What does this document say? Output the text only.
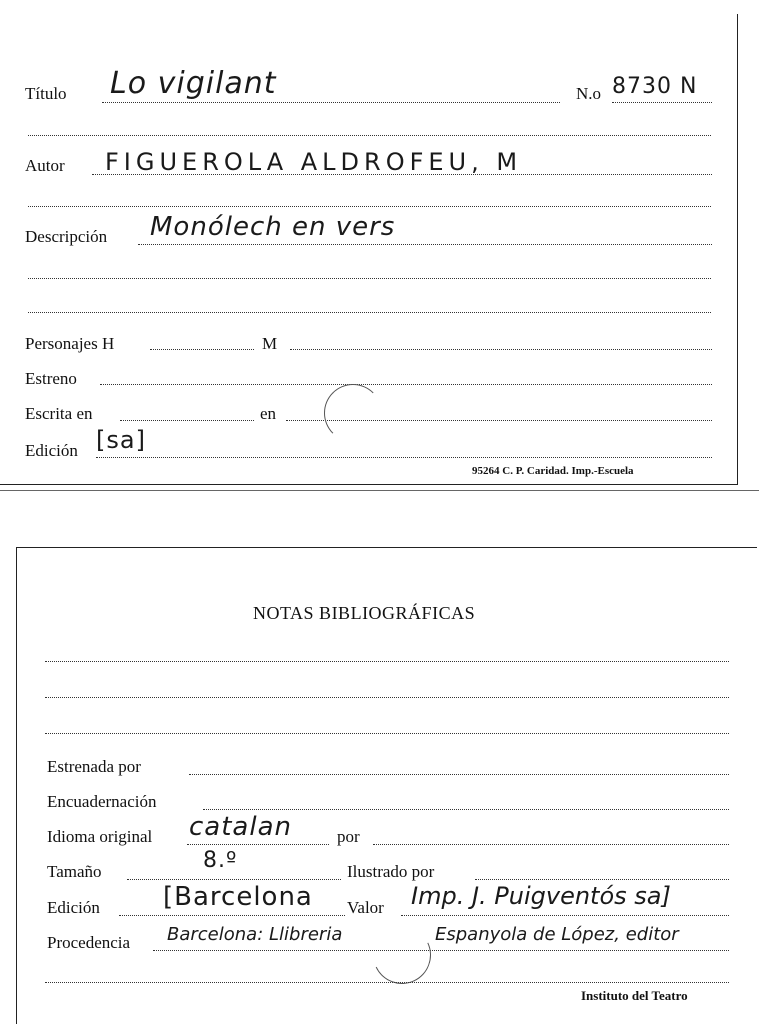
Título Lo vigilant	N.o 8730 N
Autor FIGUEROLA ALDROFEU, M
Descripción Monólech en vers
Personajes H	M
Estreno
Escrita en	en
Edición [sa]
95264 C. P. Caridad. Imp.-Escuela
NOTAS BIBLIOGRÁFICAS
Estrenada por
Encuadernación
Idioma original catalan	por
Tamaño	8.º	Ilustrado por
Edición [Barcelona Valor Imp. J. Puigventós sa]
Procedencia Barcelona: Llibreria	Espanyola de López, editor
Instituto del Teatro
